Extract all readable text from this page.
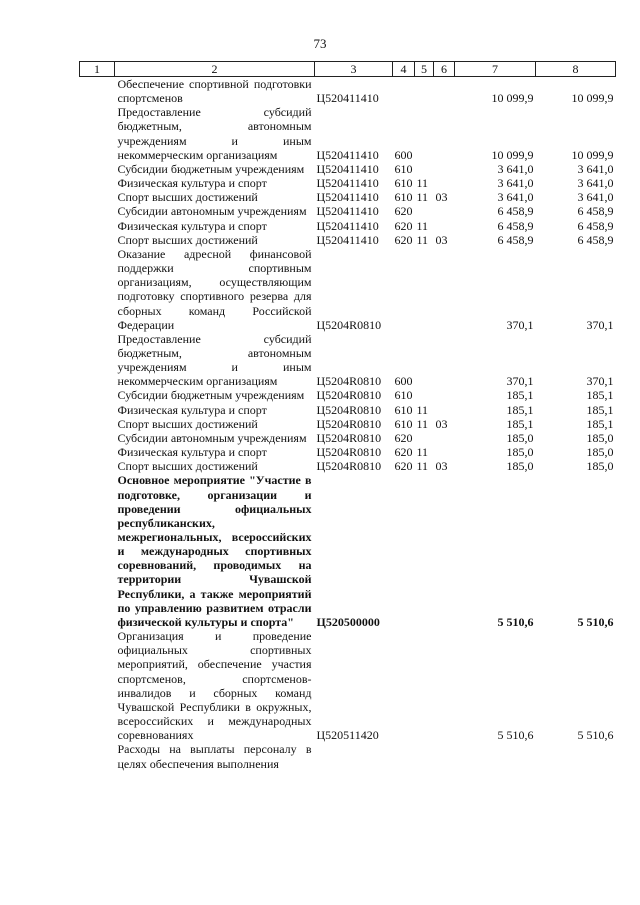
73
1	2	3	4	5	6	7	8
	Обеспечение спортивной подготовки спортсменов	Ц520411410				10 099,9	10 099,9
	Предоставление субсидий бюджетным, автономным учреждениям и иным некоммерческим организациям	Ц520411410	600			10 099,9	10 099,9
	Субсидии бюджетным учреждениям	Ц520411410	610			3 641,0	3 641,0
	Физическая культура и спорт	Ц520411410	610	11		3 641,0	3 641,0
	Спорт высших достижений	Ц520411410	610	11	03	3 641,0	3 641,0
	Субсидии автономным учреждениям	Ц520411410	620			6 458,9	6 458,9
	Физическая культура и спорт	Ц520411410	620	11		6 458,9	6 458,9
	Спорт высших достижений	Ц520411410	620	11	03	6 458,9	6 458,9
	Оказание адресной финансовой поддержки спортивным организациям, осуществляющим подготовку спортивного резерва для сборных команд Российской Федерации	Ц5204R0810				370,1	370,1
	Предоставление субсидий бюджетным, автономным учреждениям и иным некоммерческим организациям	Ц5204R0810	600			370,1	370,1
	Субсидии бюджетным учреждениям	Ц5204R0810	610			185,1	185,1
	Физическая культура и спорт	Ц5204R0810	610	11		185,1	185,1
	Спорт высших достижений	Ц5204R0810	610	11	03	185,1	185,1
	Субсидии автономным учреждениям	Ц5204R0810	620			185,0	185,0
	Физическая культура и спорт	Ц5204R0810	620	11		185,0	185,0
	Спорт высших достижений	Ц5204R0810	620	11	03	185,0	185,0
	Основное мероприятие "Участие в подготовке, организации и проведении официальных республиканских, межрегиональных, всероссийских и международных спортивных соревнований, проводимых на территории Чувашской Республики, а также мероприятий по управлению развитием отрасли физической культуры и спорта"	Ц520500000				5 510,6	5 510,6
	Организация и проведение официальных спортивных мероприятий, обеспечение участия спортсменов, спортсменов-инвалидов и сборных команд Чувашской Республики в окружных, всероссийских и международных соревнованиях	Ц520511420				5 510,6	5 510,6
	Расходы на выплаты персоналу в целях обеспечения выполнения						
